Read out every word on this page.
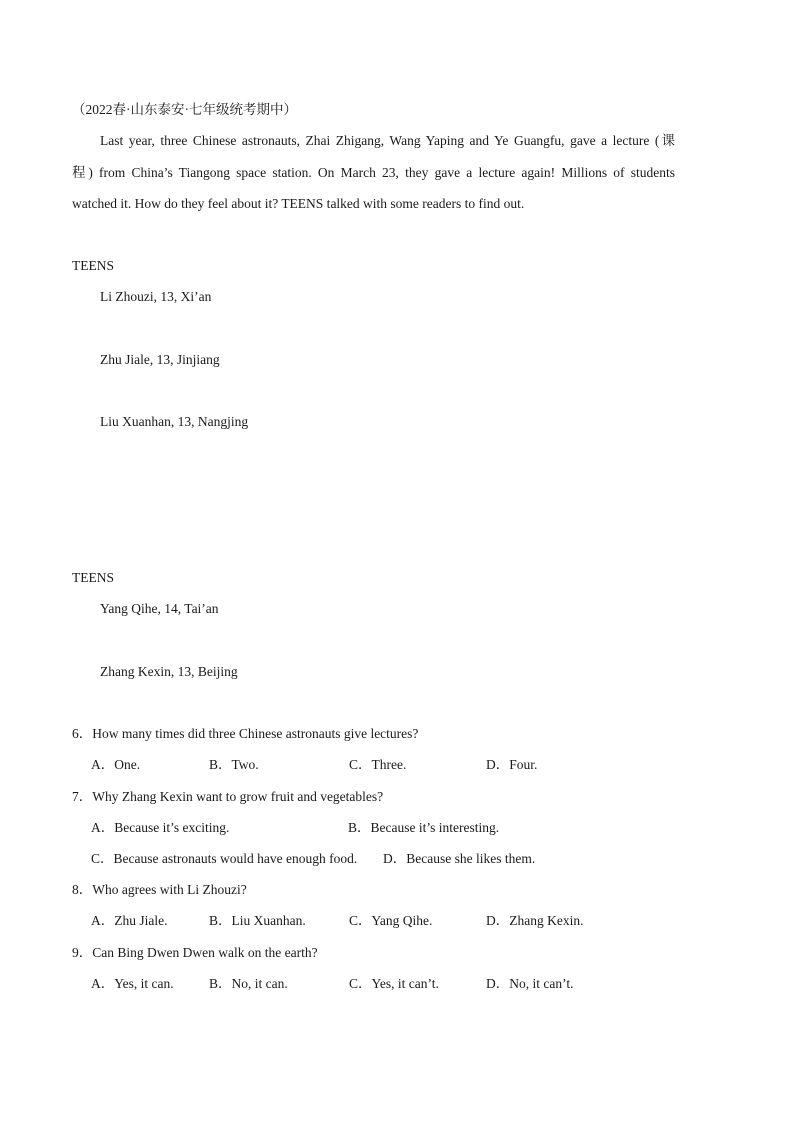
（2022春·山东泰安·七年级统考期中）
Last year, three Chinese astronauts, Zhai Zhigang, Wang Yaping and Ye Guangfu, gave a lecture (课
程) from China’s Tiangong space station. On March 23, they gave a lecture again! Millions of students
watched it. How do they feel about it? TEENS talked with some readers to find out.
TEENS
Li Zhouzi, 13, Xi’an
Zhu Jiale, 13, Jinjiang
Liu Xuanhan, 13, Nangjing
TEENS
Yang Qihe, 14, Tai’an
Zhang Kexin, 13, Beijing
6．How many times did three Chinese astronauts give lectures?
A．One.	B．Two.	C．Three.	D．Four.
7．Why Zhang Kexin want to grow fruit and vegetables?
A．Because it’s exciting.	B．Because it’s interesting.
C．Because astronauts would have enough food. D．Because she likes them.
8．Who agrees with Li Zhouzi?
A．Zhu Jiale.	B．Liu Xuanhan.	C．Yang Qihe.	D．Zhang Kexin.
9．Can Bing Dwen Dwen walk on the earth?
A．Yes, it can.	B．No, it can.	C．Yes, it can’t.	D．No, it can’t.
